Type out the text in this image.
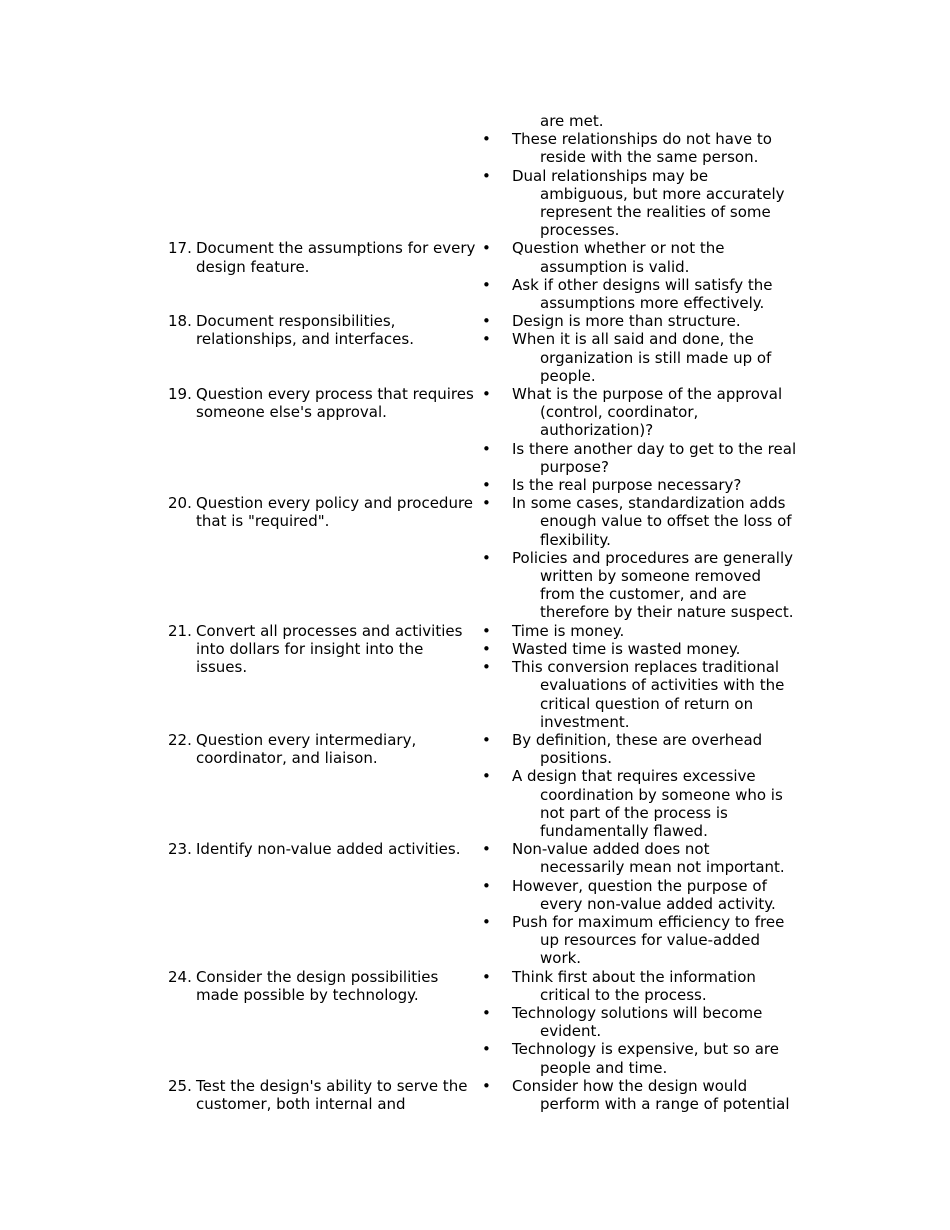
are met.
• These relationships do not have to reside with the same person.
• Dual relationships may be ambiguous, but more accurately represent the realities of some processes.
17. Document the assumptions for every design feature.
• Question whether or not the assumption is valid.
• Ask if other designs will satisfy the assumptions more effectively.
18. Document responsibilities, relationships, and interfaces.
• Design is more than structure.
• When it is all said and done, the organization is still made up of people.
19. Question every process that requires someone else's approval.
• What is the purpose of the approval (control, coordinator, authorization)?
• Is there another day to get to the real purpose?
• Is the real purpose necessary?
20. Question every policy and procedure that is "required".
• In some cases, standardization adds enough value to offset the loss of flexibility.
• Policies and procedures are generally written by someone removed from the customer, and are therefore by their nature suspect.
21. Convert all processes and activities into dollars for insight into the issues.
• Time is money.
• Wasted time is wasted money.
• This conversion replaces traditional evaluations of activities with the critical question of return on investment.
22. Question every intermediary, coordinator, and liaison.
• By definition, these are overhead positions.
• A design that requires excessive coordination by someone who is not part of the process is fundamentally flawed.
23. Identify non-value added activities.	• Non-value added does not necessarily mean not important.
• However, question the purpose of every non-value added activity.
• Push for maximum efficiency to free up resources for value-added work.
24. Consider the design possibilities made possible by technology.
• Think first about the information critical to the process.
• Technology solutions will become evident.
• Technology is expensive, but so are people and time.
25. Test the design's ability to serve the customer, both internal and
• Consider how the design would perform with a range of potential
